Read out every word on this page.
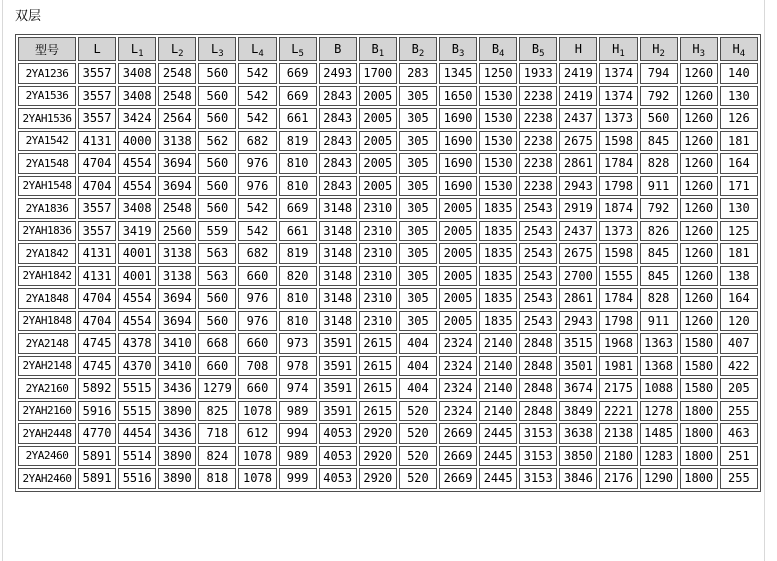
双层
型号	L	$L_1$	$L_2$	$L_3$	$L_4$	$L_5$	B	$B_1$	$B_2$	$B_3$	$B_4$	$B_5$	H	$H_1$	$H_2$	$H_3$	$H_4$
2YA1236	3557	3408	2548	560	542	669	2493	1700	283	1345	1250	1933	2419	1374	794	1260	140
2YA1536	3557	3408	2548	560	542	669	2843	2005	305	1650	1530	2238	2419	1374	792	1260	130
2YAH1536	3557	3424	2564	560	542	661	2843	2005	305	1690	1530	2238	2437	1373	560	1260	126
2YA1542	4131	4000	3138	562	682	819	2843	2005	305	1690	1530	2238	2675	1598	845	1260	181
2YA1548	4704	4554	3694	560	976	810	2843	2005	305	1690	1530	2238	2861	1784	828	1260	164
2YAH1548	4704	4554	3694	560	976	810	2843	2005	305	1690	1530	2238	2943	1798	911	1260	171
2YA1836	3557	3408	2548	560	542	669	3148	2310	305	2005	1835	2543	2919	1874	792	1260	130
2YAH1836	3557	3419	2560	559	542	661	3148	2310	305	2005	1835	2543	2437	1373	826	1260	125
2YA1842	4131	4001	3138	563	682	819	3148	2310	305	2005	1835	2543	2675	1598	845	1260	181
2YAH1842	4131	4001	3138	563	660	820	3148	2310	305	2005	1835	2543	2700	1555	845	1260	138
2YA1848	4704	4554	3694	560	976	810	3148	2310	305	2005	1835	2543	2861	1784	828	1260	164
2YAH1848	4704	4554	3694	560	976	810	3148	2310	305	2005	1835	2543	2943	1798	911	1260	120
2YA2148	4745	4378	3410	668	660	973	3591	2615	404	2324	2140	2848	3515	1968	1363	1580	407
2YAH2148	4745	4370	3410	660	708	978	3591	2615	404	2324	2140	2848	3501	1981	1368	1580	422
2YA2160	5892	5515	3436	1279	660	974	3591	2615	404	2324	2140	2848	3674	2175	1088	1580	205
2YAH2160	5916	5515	3890	825	1078	989	3591	2615	520	2324	2140	2848	3849	2221	1278	1800	255
2YAH2448	4770	4454	3436	718	612	994	4053	2920	520	2669	2445	3153	3638	2138	1485	1800	463
2YA2460	5891	5514	3890	824	1078	989	4053	2920	520	2669	2445	3153	3850	2180	1283	1800	251
2YAH2460	5891	5516	3890	818	1078	999	4053	2920	520	2669	2445	3153	3846	2176	1290	1800	255
